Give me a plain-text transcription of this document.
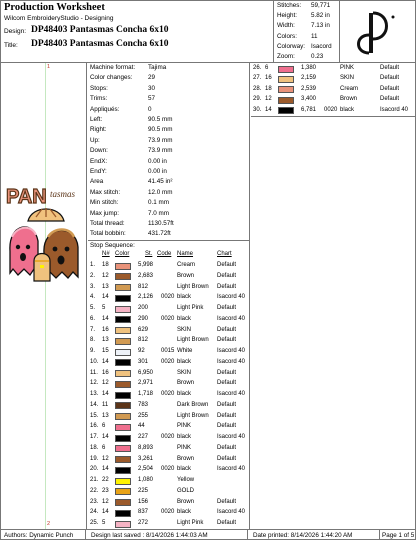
Production Worksheet
Wilcom EmbroideryStudio - Designing
Design: DP48403 Pantasmas Concha 6x10
Title: DP48403 Pantasmas Concha 6x10
Stitches: 59,771
Height: 5.82 in
Width:	7.13 in
Colors: 11
Colorway: Isacord
Zoom:	0.23
1
2
PAN tasmas
Machine format: Tajima
Color changes: 29
Stops:	30
Trims:	57
Appliqués:	0
Left:	90.5 mm
Right:	90.5 mm
Up:	73.9 mm
Down:	73.9 mm
EndX:	0.00 in
EndY:	0.00 in
Area	41.45 in²
Max stitch:	12.0 mm
Min stitch:	0.1 mm
Max jump:	7.0 mm
Total thread:	1130.57ft
Total bobbin:	431.72ft
Stop Sequence:
N# Color	St. Code Name	Chart
1. 18	5,998	Cream	Default
2. 12	2,683	Brown	Default
3. 13	812	Light Brown Default
4. 14	2,126 0020 black	Isacord 40
5. 5	200	Light Pink Default
6. 14	290 0020 black	Isacord 40
7. 16	629	SKIN	Default
8. 13	812	Light Brown Default
9. 15	92	0015 White	Isacord 40
10. 14	301 0020 black	Isacord 40
11. 16	6,950	SKIN	Default
12. 12	2,971	Brown	Default
13. 14	1,718 0020 black	Isacord 40
14. 11	783	Dark Brown Default
15. 13	255	Light Brown Default
16. 6	44	PINK	Default
17. 14	227 0020 black	Isacord 40
18. 6	8,893	PINK	Default
19. 12	3,261	Brown	Default
20. 14	2,504 0020 black	Isacord 40
21. 22	1,080	Yellow
22. 23	225	GOLD
23. 12	156	Brown	Default
24. 14	837 0020 black	Isacord 40
25. 5	272	Light Pink Default
26. 6	1,380	PINK	Default
27. 16	2,159	SKIN	Default
28. 18	2,539	Cream	Default
29. 12	3,400	Brown	Default
30. 14	6,781 0020 black	Isacord 40
Authors: Dynamic Punch	Design last saved : 8/14/2026 1:44:03 AM	Date printed: 8/14/2026 1:44:20 AM	Page 1 of 5
